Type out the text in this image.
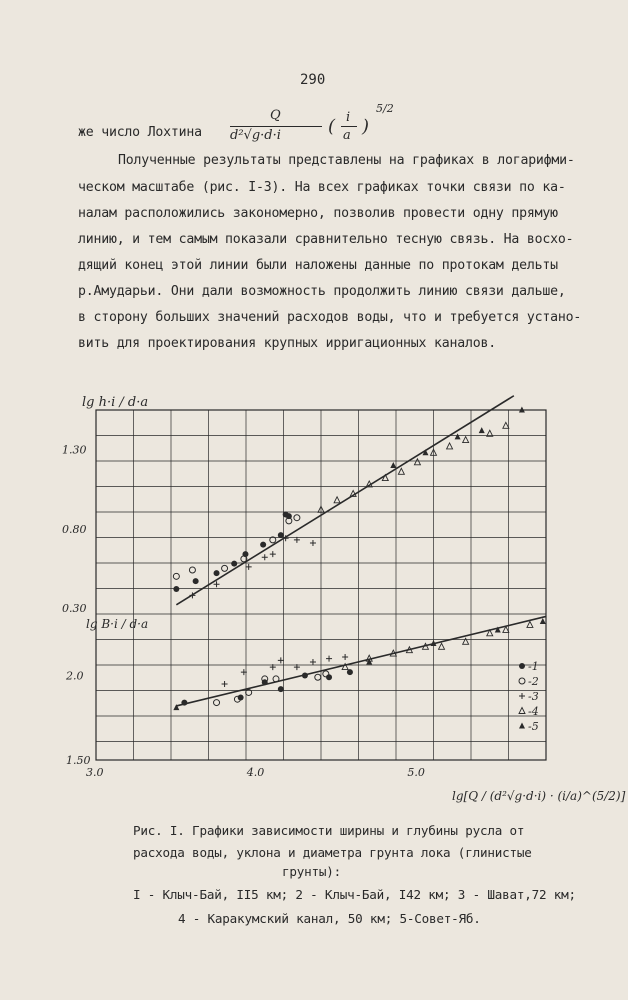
290
же число Лохтина
Q
d²√g·d·i	( i
a )
5/2
Полученные результаты представлены на графиках в логарифми-
ческом масштабе (рис. I-3). На всех графиках точки связи по ка-
налам расположились закономерно, позволив провести одну прямую
линию, и тем самым показали сравнительно тесную связь. На восхо-
дящий конец этой линии были наложены данные по протокам дельты
р.Амударьи. Они дали возможность продолжить линию связи дальше,
в сторону больших значений расходов воды, что и требуется устано-
вить для проектирования крупных ирригационных каналов.
3.0	4.0	5.0
1.30
0.80
0.30
2.0
1.50
lg h·i / d·a
lg B·i / d·a
lg[Q / (d²√g·d·i) · (i/a)^(5/2)]
-1
-2
-3
-4
-5
Рис. I. Графики зависимости ширины и глубины русла от
расхода воды, уклона и диаметра грунта лока (глинистые
грунты):
I - Клыч-Бай, II5 км; 2 - Клыч-Бай, I42 км; 3 - Шават,72 км;
4 - Каракумский канал, 50 км; 5-Совет-Яб.
